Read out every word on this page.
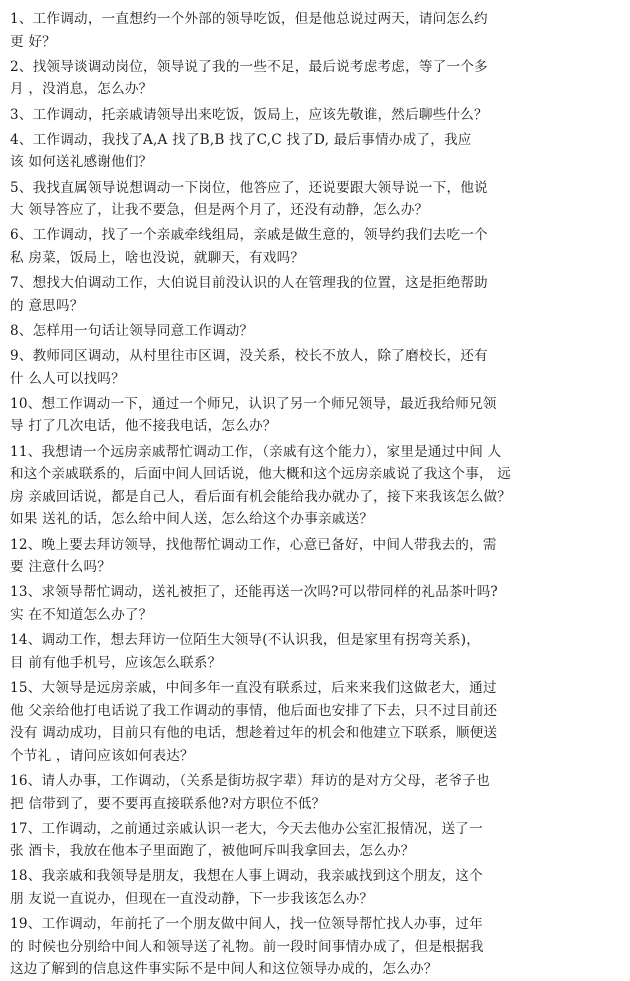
1、工作调动，一直想约一个外部的领导吃饭，但是他总说过两天，请问怎么约
更 好？
2、找领导谈调动岗位，领导说了我的一些不足，最后说考虑考虑，等了一个多
月 ，没消息，怎么办？
3、工作调动，托亲戚请领导出来吃饭，饭局上，应该先敬谁，然后聊些什么？
4、工作调动，我找了A,A 找了B,B 找了C,C 找了D, 最后事情办成了，我应
该 如何送礼感谢他们？
5、我找直属领导说想调动一下岗位，他答应了，还说要跟大领导说一下，他说
大 领导答应了，让我不要急，但是两个月了，还没有动静，怎么办？
6、工作调动，找了一个亲戚牵线组局，亲戚是做生意的，领导约我们去吃一个
私 房菜，饭局上，啥也没说，就聊天，有戏吗？
7、想找大伯调动工作，大伯说目前没认识的人在管理我的位置，这是拒绝帮助
的 意思吗？
8、怎样用一句话让领导同意工作调动？
9、教师同区调动，从村里往市区调，没关系，校长不放人，除了磨校长，还有
什 么人可以找吗？
10、想工作调动一下，通过一个师兄，认识了另一个师兄领导，最近我给师兄领
导 打了几次电话，他不接我电话，怎么办？
11、我想请一个远房亲戚帮忙调动工作，（亲戚有这个能力），家里是通过中间 人
和这个亲戚联系的，后面中间人回话说，他大概和这个远房亲戚说了我这个事， 远
房 亲戚回话说，都是自己人，看后面有机会能给我办就办了，接下来我该怎么做？
如果 送礼的话，怎么给中间人送，怎么给这个办事亲戚送？
12、晚上要去拜访领导，找他帮忙调动工作，心意已备好，中间人带我去的，需
要 注意什么吗？
13、求领导帮忙调动，送礼被拒了，还能再送一次吗?可以带同样的礼品茶叶吗?
实 在不知道怎么办了？
14、调动工作，想去拜访一位陌生大领导(不认识我，但是家里有拐弯关系)，
目 前有他手机号，应该怎么联系？
15、大领导是远房亲戚，中间多年一直没有联系过，后来来我们这做老大，通过
他 父亲给他打电话说了我工作调动的事情，他后面也安排了下去，只不过目前还
没有 调动成功，目前只有他的电话，想趁着过年的机会和他建立下联系，顺便送
个节礼 ，请问应该如何表达？
16、请人办事，工作调动，（关系是街坊叔字辈）拜访的是对方父母，老爷子也
把 信带到了，要不要再直接联系他?对方职位不低？
17、工作调动，之前通过亲戚认识一老大，今天去他办公室汇报情况，送了一
张 酒卡，我放在他本子里面跑了，被他呵斥叫我拿回去，怎么办？
18、我亲戚和我领导是朋友，我想在人事上调动，我亲戚找到这个朋友，这个
朋 友说一直说办，但现在一直没动静，下一步我该怎么办？
19、工作调动，年前托了一个朋友做中间人，找一位领导帮忙找人办事，过年
的 时候也分别给中间人和领导送了礼物。前一段时间事情办成了，但是根据我
这边了解到的信息这件事实际不是中间人和这位领导办成的，怎么办？
